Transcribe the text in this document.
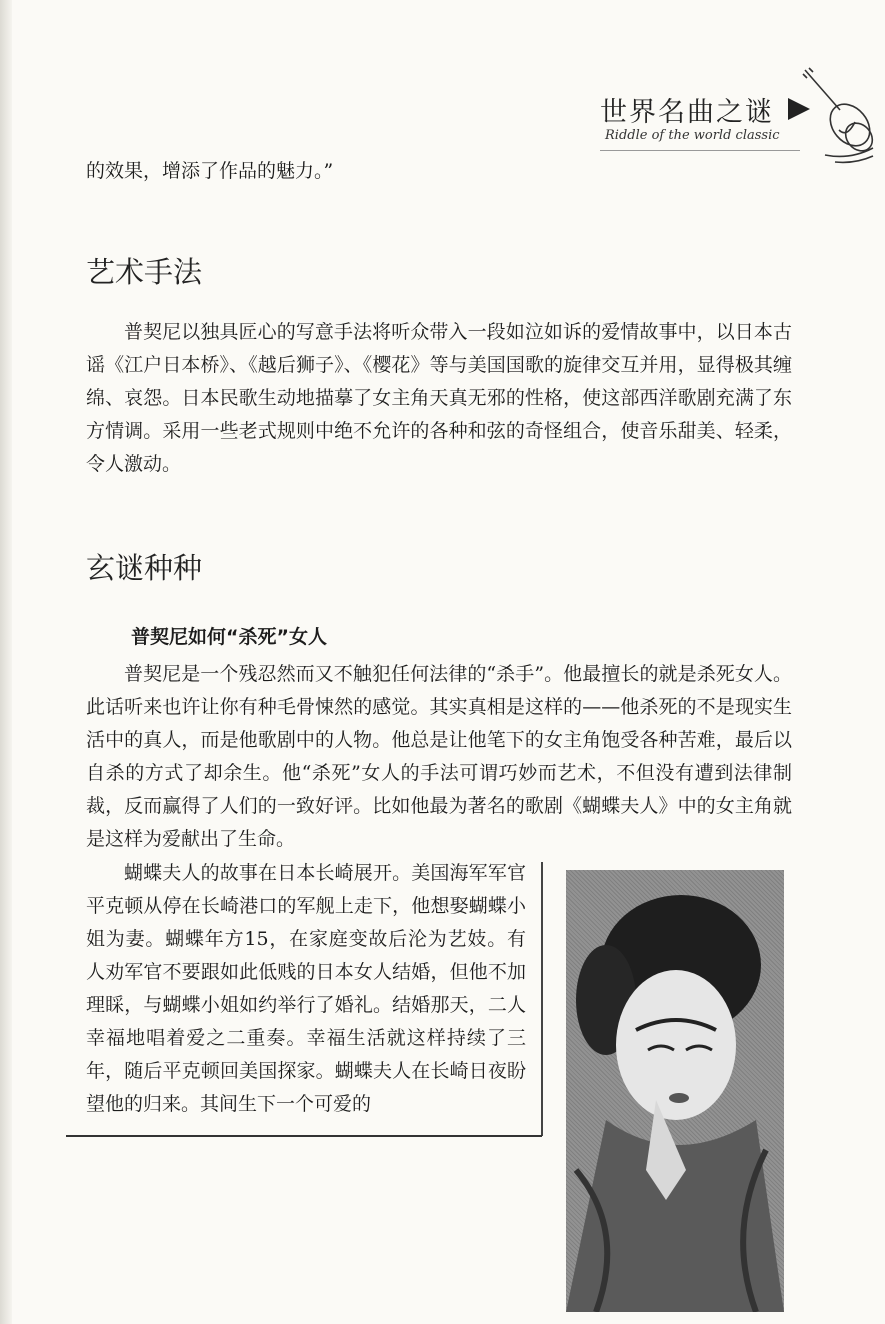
世界名曲之谜
Riddle of the world classic
的效果，增添了作品的魅力。”
艺术手法
普契尼以独具匠心的写意手法将听众带入一段如泣如诉的爱情故事中，以日本古谣《江户日本桥》、《越后狮子》、《樱花》等与美国国歌的旋律交互并用，显得极其缠绵、哀怨。日本民歌生动地描摹了女主角天真无邪的性格，使这部西洋歌剧充满了东方情调。采用一些老式规则中绝不允许的各种和弦的奇怪组合，使音乐甜美、轻柔，令人激动。
玄谜种种
普契尼如何“杀死”女人
普契尼是一个残忍然而又不触犯任何法律的“杀手”。他最擅长的就是杀死女人。此话听来也许让你有种毛骨悚然的感觉。其实真相是这样的——他杀死的不是现实生活中的真人，而是他歌剧中的人物。他总是让他笔下的女主角饱受各种苦难，最后以自杀的方式了却余生。他“杀死”女人的手法可谓巧妙而艺术，不但没有遭到法律制裁，反而赢得了人们的一致好评。比如他最为著名的歌剧《蝴蝶夫人》中的女主角就是这样为爱献出了生命。
蝴蝶夫人的故事在日本长崎展开。美国海军军官平克顿从停在长崎港口的军舰上走下，他想娶蝴蝶小姐为妻。蝴蝶年方15，在家庭变故后沦为艺妓。有人劝军官不要跟如此低贱的日本女人结婚，但他不加理睬，与蝴蝶小姐如约举行了婚礼。结婚那天，二人幸福地唱着爱之二重奏。幸福生活就这样持续了三年，随后平克顿回美国探家。蝴蝶夫人在长崎日夜盼望他的归来。其间生下一个可爱的
